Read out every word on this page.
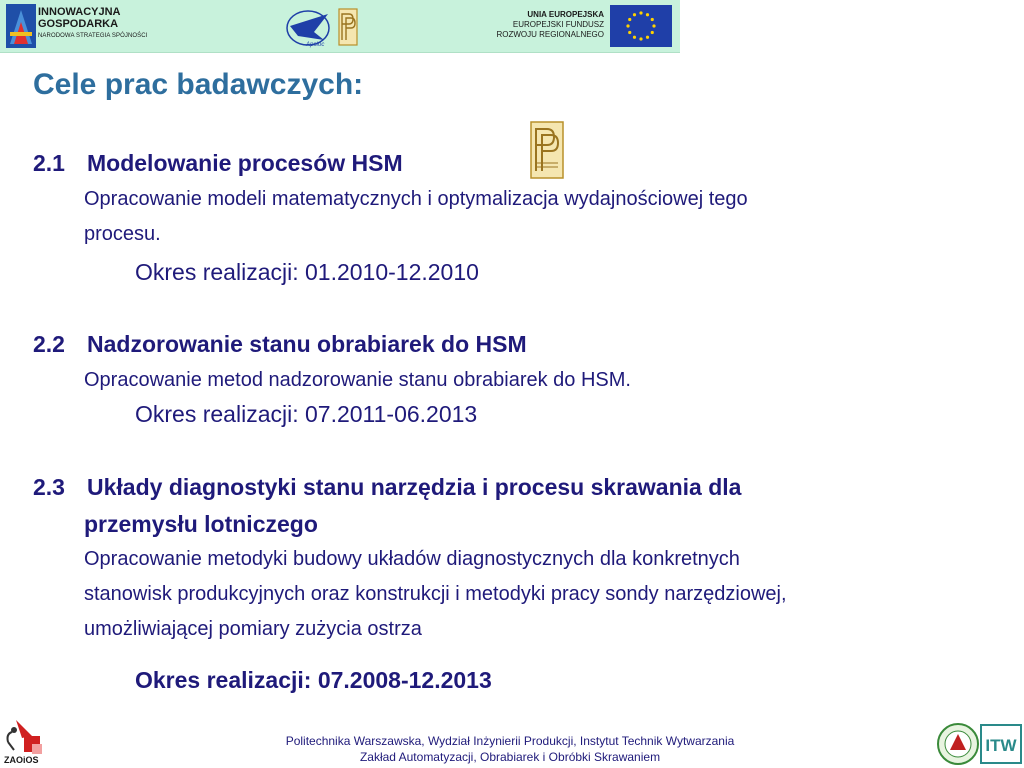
INNOWACYJNA
GOSPODARKA
NARODOWA STRATEGIA SPÓJNOŚCI
Apoloc
UNIA EUROPEJSKA
EUROPEJSKI FUNDUSZ
ROZWOJU REGIONALNEGO
Cele prac badawczych:
2.1 Modelowanie procesów HSM
Opracowanie modeli matematycznych i optymalizacja wydajnościowej tego
procesu.
Okres realizacji: 01.2010-12.2010
2.2 Nadzorowanie stanu obrabiarek do HSM
Opracowanie metod nadzorowanie stanu obrabiarek do HSM.
Okres realizacji: 07.2011-06.2013
2.3 Układy diagnostyki stanu narzędzia i procesu skrawania dla
przemysłu lotniczego
Opracowanie metodyki budowy układów diagnostycznych dla konkretnych
stanowisk produkcyjnych oraz konstrukcji i metodyki pracy sondy narzędziowej,
umożliwiającej pomiary zużycia ostrza
Okres realizacji: 07.2008-12.2013
ZAOiOS
Politechnika Warszawska, Wydział Inżynierii Produkcji, Instytut Technik Wytwarzania
Zakład Automatyzacji, Obrabiarek i Obróbki Skrawaniem
ITW
